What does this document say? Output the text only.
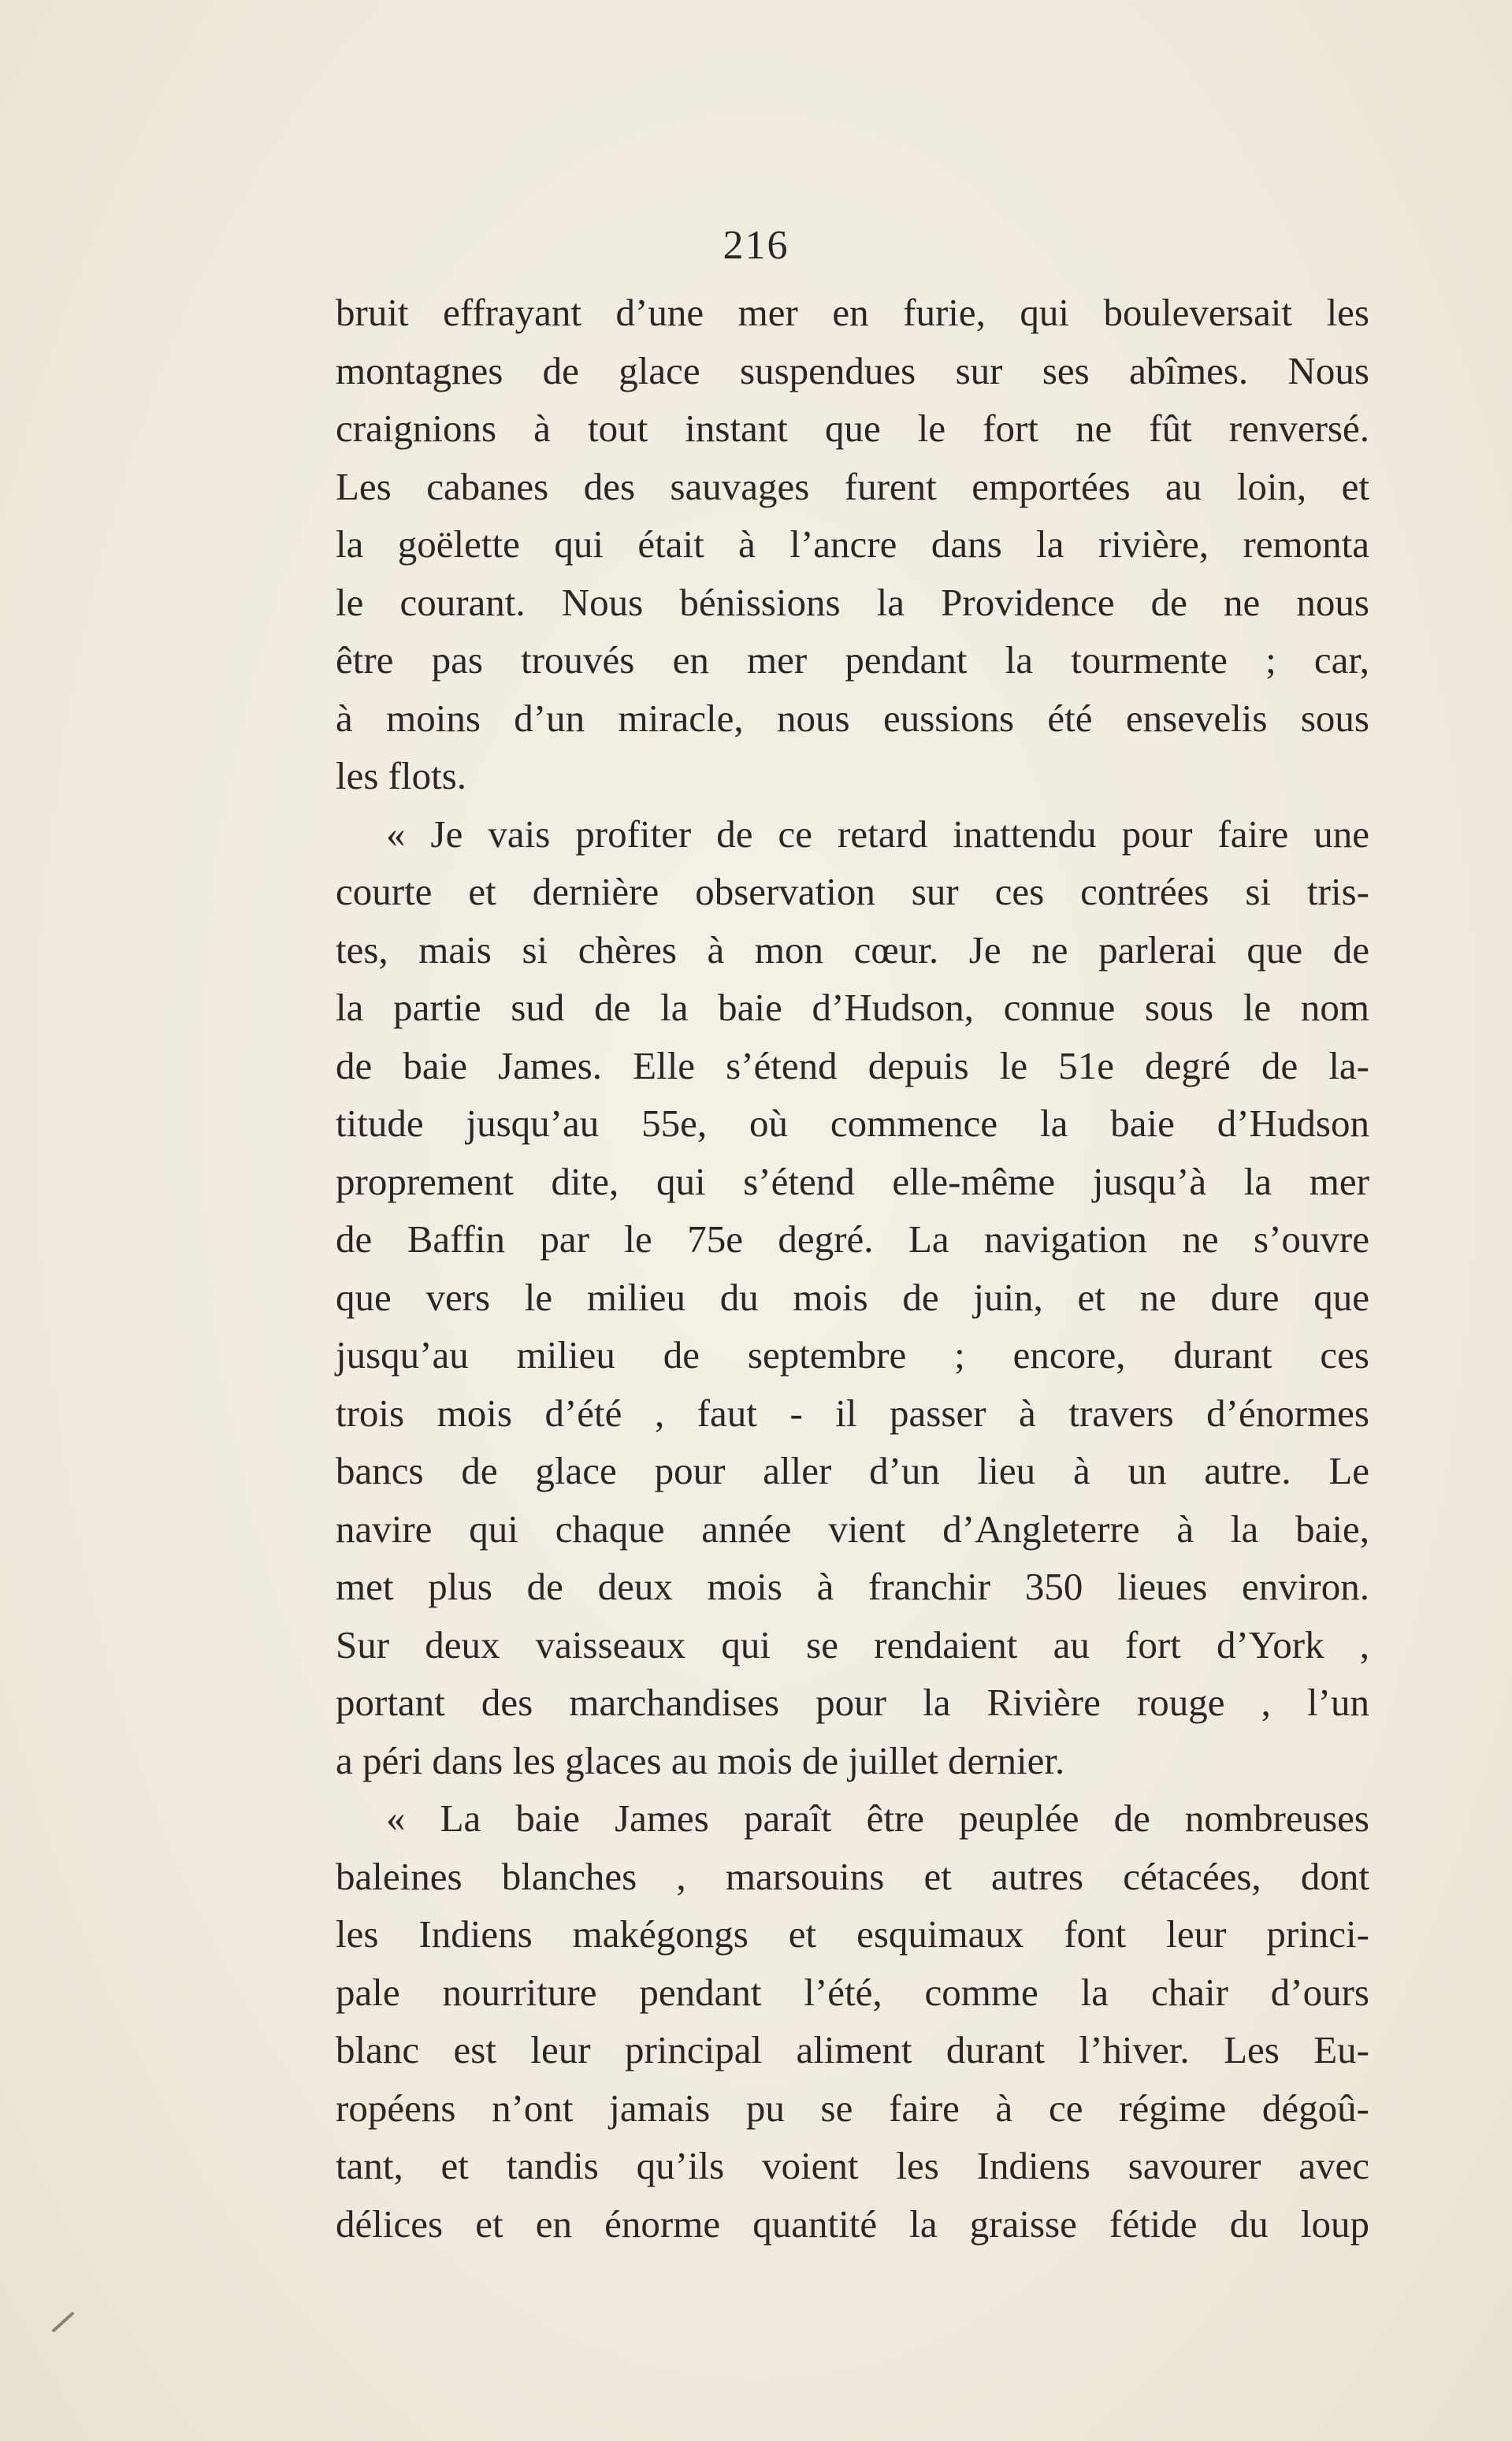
216
bruit effrayant d’une mer en furie, qui bouleversait les
montagnes de glace suspendues sur ses abîmes. Nous
craignions à tout instant que le fort ne fût renversé.
Les cabanes des sauvages furent emportées au loin, et
la goëlette qui était à l’ancre dans la rivière, remonta
le courant. Nous bénissions la Providence de ne nous
être pas trouvés en mer pendant la tourmente ; car,
à moins d’un miracle, nous eussions été ensevelis sous
les flots.
« Je vais profiter de ce retard inattendu pour faire une
courte et dernière observation sur ces contrées si tris-
tes, mais si chères à mon cœur. Je ne parlerai que de
la partie sud de la baie d’Hudson, connue sous le nom
de baie James. Elle s’étend depuis le 51e degré de la-
titude jusqu’au 55e, où commence la baie d’Hudson
proprement dite, qui s’étend elle-même jusqu’à la mer
de Baffin par le 75e degré. La navigation ne s’ouvre
que vers le milieu du mois de juin, et ne dure que
jusqu’au milieu de septembre ; encore, durant ces
trois mois d’été , faut - il passer à travers d’énormes
bancs de glace pour aller d’un lieu à un autre. Le
navire qui chaque année vient d’Angleterre à la baie,
met plus de deux mois à franchir 350 lieues environ.
Sur deux vaisseaux qui se rendaient au fort d’York ,
portant des marchandises pour la Rivière rouge , l’un
a péri dans les glaces au mois de juillet dernier.
« La baie James paraît être peuplée de nombreuses
baleines blanches , marsouins et autres cétacées, dont
les Indiens makégongs et esquimaux font leur princi-
pale nourriture pendant l’été, comme la chair d’ours
blanc est leur principal aliment durant l’hiver. Les Eu-
ropéens n’ont jamais pu se faire à ce régime dégoû-
tant, et tandis qu’ils voient les Indiens savourer avec
délices et en énorme quantité la graisse fétide du loup
